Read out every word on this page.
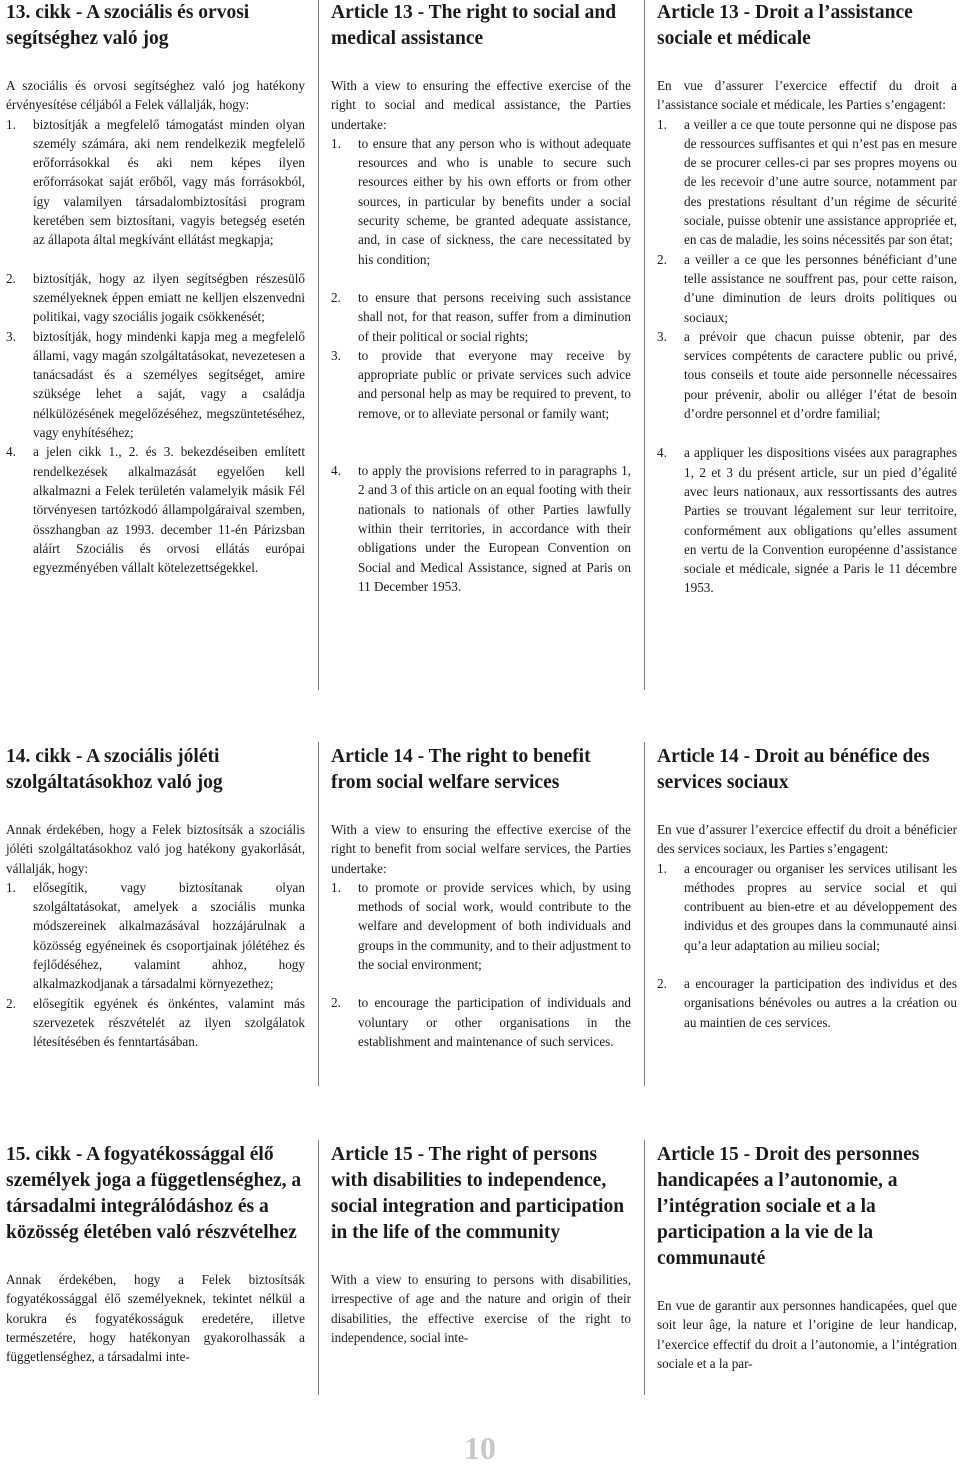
13. cikk - A szociális és orvosi segítséghez való jog

A szociális és orvosi segítséghez való jog hatékony érvényesítése céljából a Felek vállalják, hogy:

1. biztosítják a megfelelő támogatást minden olyan személy számára, aki nem rendelkezik megfelelő erőforrásokkal és aki nem képes ilyen erőforrásokat saját erőből, vagy más forrásokból, így valamilyen társadalombiztosítási program keretében sem biztosítani, vagyis betegség esetén az állapota által megkívánt ellátást megkapja;
2. biztosítják, hogy az ilyen segítségben részesülő személyeknek éppen emiatt ne kelljen elszenvedni politikai, vagy szociális jogaik csökkenését;
3. biztosítják, hogy mindenki kapja meg a megfelelő állami, vagy magán szolgáltatásokat, nevezetesen a tanácsadást és a személyes segítséget, amire szüksége lehet a saját, vagy a családja nélkülözésének megelőzéséhez, megszüntetéséhez, vagy enyhítéséhez;
4. a jelen cikk 1., 2. és 3. bekezdéseiben említett rendelkezések alkalmazását egyelően kell alkalmazni a Felek területén valamelyik másik Fél törvényesen tartózkodó állampolgáraival szemben, összhangban az 1993. december 11-én Párizsban aláírt Szociális és orvosi ellátás európai egyezményében vállalt kötelezettségekkel.
Article 13 - The right to social and medical assistance

With a view to ensuring the effective exercise of the right to social and medical assistance, the Parties undertake:

1. to ensure that any person who is without adequate resources and who is unable to secure such resources either by his own efforts or from other sources, in particular by benefits under a social security scheme, be granted adequate assistance, and, in case of sickness, the care necessitated by his condition;
2. to ensure that persons receiving such assistance shall not, for that reason, suffer from a diminution of their political or social rights;
3. to provide that everyone may receive by appropriate public or private services such advice and personal help as may be required to prevent, to remove, or to alleviate personal or family want;
4. to apply the provisions referred to in paragraphs 1, 2 and 3 of this article on an equal footing with their nationals to nationals of other Parties lawfully within their territories, in accordance with their obligations under the European Convention on Social and Medical Assistance, signed at Paris on 11 December 1953.
Article 13 - Droit a l’assistance sociale et médicale

En vue d’assurer l’exercice effectif du droit a l’assistance sociale et médicale, les Parties s’engagent:

1. a veiller a ce que toute personne qui ne dispose pas de ressources suffisantes et qui n’est pas en mesure de se procurer celles-ci par ses propres moyens ou de les recevoir d’une autre source, notamment par des prestations résultant d’un régime de sécurité sociale, puisse obtenir une assistance appropriée et, en cas de maladie, les soins nécessités par son état;
2. a veiller a ce que les personnes bénéficiant d’une telle assistance ne souffrent pas, pour cette raison, d’une diminution de leurs droits politiques ou sociaux;
3. a prévoir que chacun puisse obtenir, par des services compétents de caractere public ou privé, tous conseils et toute aide personnelle nécessaires pour prévenir, abolir ou alléger l’état de besoin d’ordre personnel et d’ordre familial;
4. a appliquer les dispositions visées aux paragraphes 1, 2 et 3 du présent article, sur un pied d’égalité avec leurs nationaux, aux ressortissants des autres Parties se trouvant légalement sur leur territoire, conformément aux obligations qu’elles assument en vertu de la Convention européenne d’assistance sociale et médicale, signée a Paris le 11 décembre 1953.
14. cikk - A szociális jóléti szolgáltatásokhoz való jog

Annak érdekében, hogy a Felek biztosítsák a szociális jóléti szolgáltatásokhoz való jog hatékony gyakorlását, vállalják, hogy:

1. elősegítik, vagy biztosítanak olyan szolgáltatásokat, amelyek a szociális munka módszereinek alkalmazásával hozzájárulnak a közösség egyéneinek és csoportjainak jólétéhez és fejlődéséhez, valamint ahhoz, hogy alkalmazkodjanak a társadalmi környezethez;
2. elősegítik egyének és önkéntes, valamint más szervezetek részvételét az ilyen szolgálatok létesítésében és fenntartásában.
Article 14 - The right to benefit from social welfare services

With a view to ensuring the effective exercise of the right to benefit from social welfare services, the Parties undertake:

1. to promote or provide services which, by using methods of social work, would contribute to the welfare and development of both individuals and groups in the community, and to their adjustment to the social environment;
2. to encourage the participation of individuals and voluntary or other organisations in the establishment and maintenance of such services.
Article 14 - Droit au bénéfice des services sociaux

En vue d’assurer l’exercice effectif du droit a bénéficier des services sociaux, les Parties s’engagent:

1. a encourager ou organiser les services utilisant les méthodes propres au service social et qui contribuent au bien-etre et au développement des individus et des groupes dans la communauté ainsi qu’a leur adaptation au milieu social;
2. a encourager la participation des individus et des organisations bénévoles ou autres a la création ou au maintien de ces services.
15. cikk - A fogyatékossággal élő személyek joga a függetlenséghez, a társadalmi integrálódáshoz és a közösség életében való részvételhez

Annak érdekében, hogy a Felek biztosítsák fogyatékossággal élő személyeknek, tekintet nélkül a korukra és fogyatékosságuk eredetére, illetve természetére, hogy hatékonyan gyakorolhassák a függetlenséghez, a társadalmi inte-

Article 15 - The right of persons with disabilities to independence, social integration and participation in the life of the community

With a view to ensuring to persons with disabilities, irrespective of age and the nature and origin of their disabilities, the effective exercise of the right to independence, social inte-

Article 15 - Droit des personnes handicapées a l’autonomie, a l’intégration sociale et a la participation a la vie de la communauté

En vue de garantir aux personnes handicapées, quel que soit leur âge, la nature et l’origine de leur handicap, l’exercice effectif du droit a l’autonomie, a l’intégration sociale et a la par-

10
